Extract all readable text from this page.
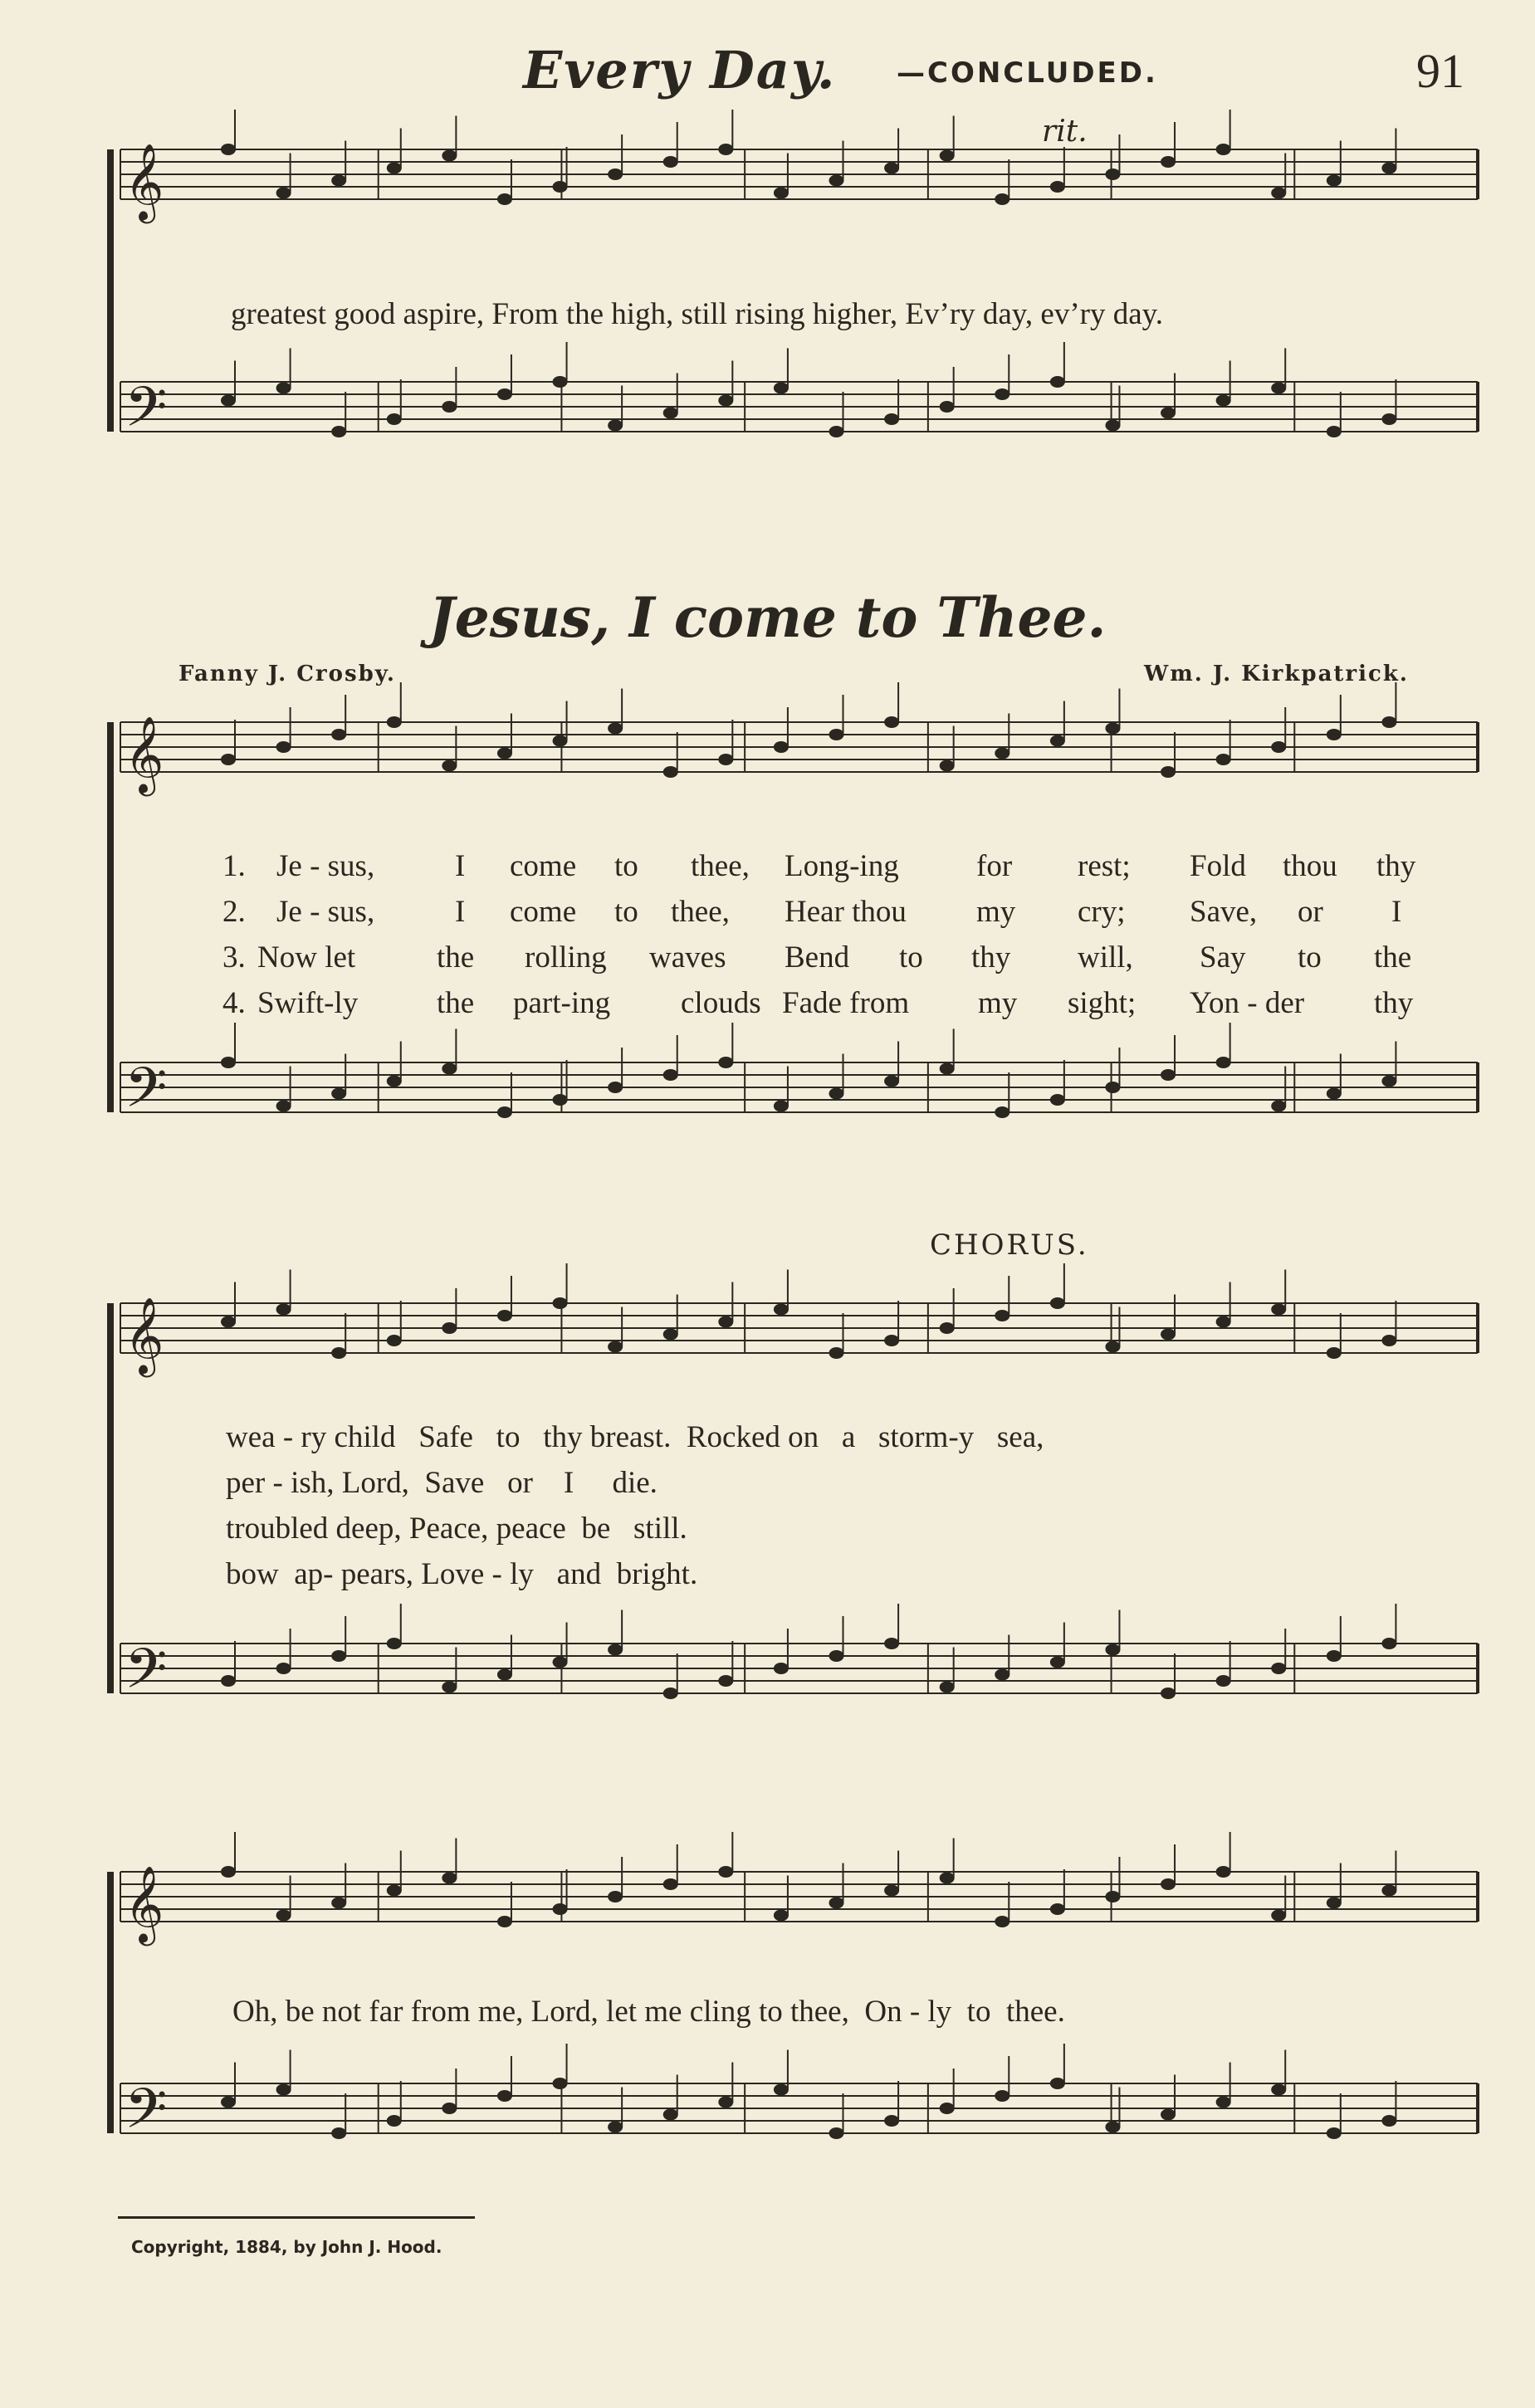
Every Day. —CONCLUDED.	91
rit.
greatest good aspire, From the high, still rising higher, Ev’ry day, ev’ry day.
Jesus, I come to Thee.
Fanny J. Crosby.	Wm. J. Kirkpatrick.
1. Je - sus,	I come to thee, Long-ing	for rest; Fold thou thy
2. Je - sus,	I come to thee, Hear thou my cry; Save, or I
3. Now let	the rolling waves Bend to thy will, Say to the
4. Swift-ly	the part-ing clouds Fade from my sight; Yon - der thy
CHORUS.
wea - ry child   Safe   to   thy breast.  Rocked on   a   storm-y   sea,
per - ish, Lord,  Save   or    I     die.
troubled deep, Peace, peace  be   still.
bow  ap- pears, Love - ly   and  bright.
Oh, be not far from me, Lord, let me cling to thee,  On - ly  to  thee.
Copyright, 1884, by John J. Hood.
𝄞
𝄢
𝄞
𝄢
𝄞
𝄢
𝄞
𝄢
